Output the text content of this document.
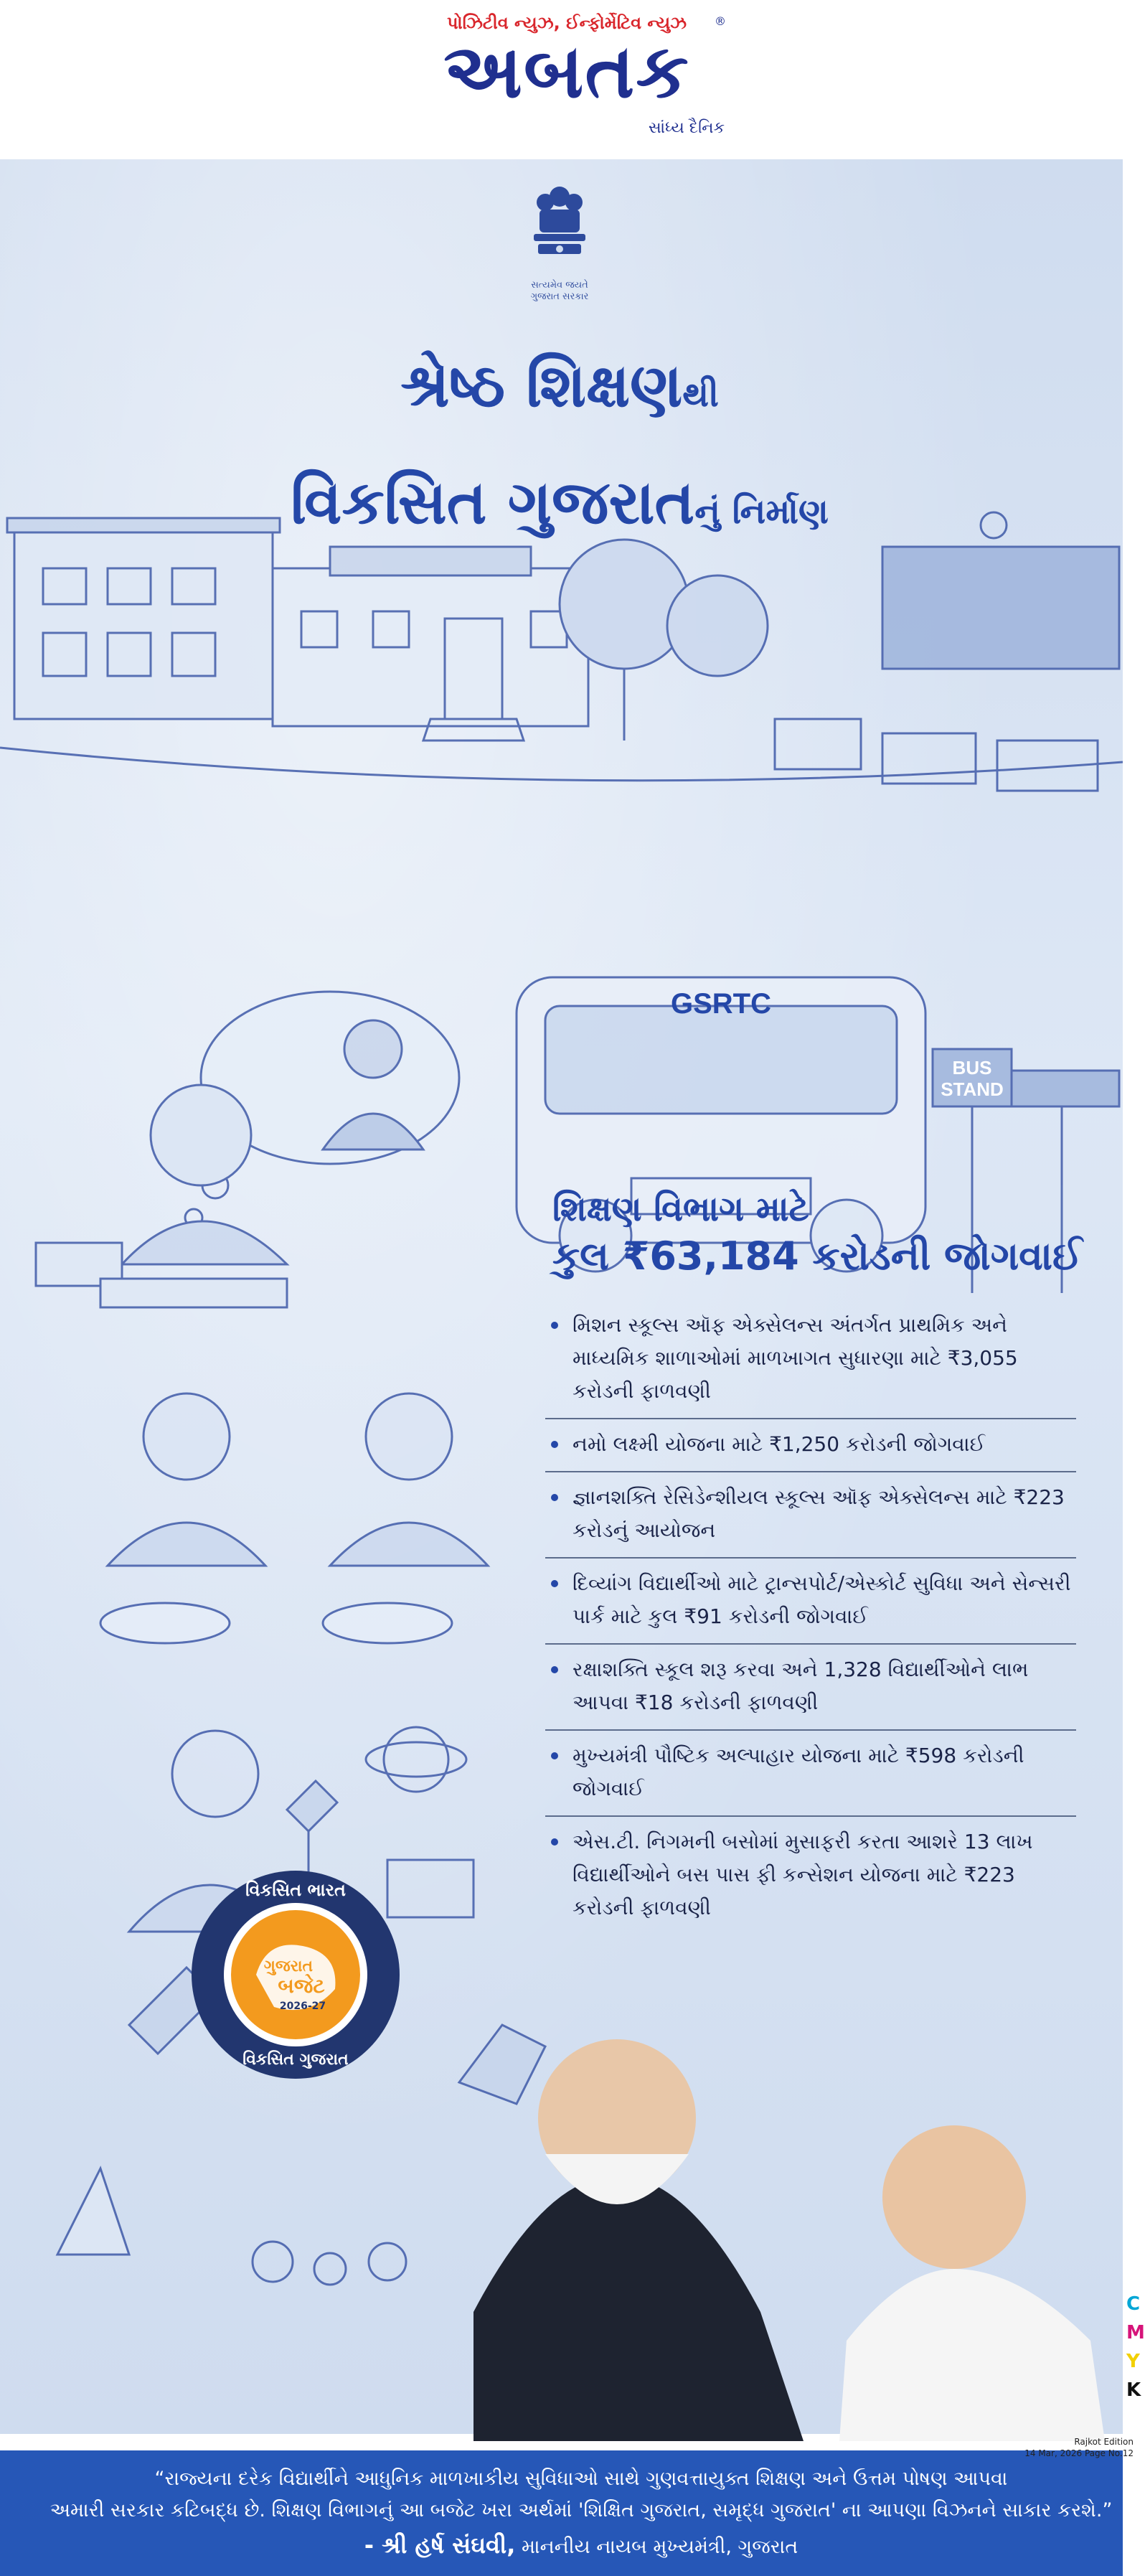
પોઝિટીવ ન્યુઝ, ઈન્ફોર્મેટિવ ન્યુઝ	®
અબતક
સાંધ્ય દૈનિક
સત્યમેવ જયતે
ગુજરાત સરકાર
શ્રેષ્ઠ શિક્ષણથી
વિકસિત ગુજરાતનું નિર્માણ
GSRTC
BUS
STAND
શિક્ષણ વિભાગ માટે
કુલ ₹63,184 કરોડની જોગવાઈ
મિશન સ્કૂલ્સ ઑફ એક્સેલન્સ અંતર્ગત પ્રાથમિક અને માધ્યમિક શાળાઓમાં માળખાગત સુધારણા માટે ₹3,055 કરોડની ફાળવણી
નમો લક્ષ્મી યોજના માટે ₹1,250 કરોડની જોગવાઈ
જ્ઞાનશક્તિ રેસિડેન્શીયલ સ્કૂલ્સ ઑફ એક્સેલન્સ માટે ₹223 કરોડનું આયોજન
દિવ્યાંગ વિદ્યાર્થીઓ માટે ટ્રાન્સપોર્ટ/એસ્કોર્ટ સુવિધા અને સેન્સરી પાર્ક માટે કુલ ₹91 કરોડની જોગવાઈ
રક્ષાશક્તિ સ્કૂલ શરૂ કરવા અને 1,328 વિદ્યાર્થીઓને લાભ આપવા ₹18 કરોડની ફાળવણી
મુખ્યમંત્રી પૌષ્ટિક અલ્પાહાર યોજના માટે ₹598 કરોડની જોગવાઈ
એસ.ટી. નિગમની બસોમાં મુસાફરી કરતા આશરે 13 લાખ વિદ્યાર્થીઓને બસ પાસ ફી કન્સેશન યોજના માટે ₹223 કરોડની ફાળવણી
વિકસિત ભારત
ગુજરાત
બજેટ
2026-27
વિકસિત ગુજરાત
“રાજ્યના દરેક વિદ્યાર્થીને આધુનિક માળખાકીય સુવિધાઓ સાથે ગુણવત્તાયુક્ત શિક્ષણ અને ઉત્તમ પોષણ આપવા
અમારી સરકાર કટિબદ્ધ છે. શિક્ષણ વિભાગનું આ બજેટ ખરા અર્થમાં 'શિક્ષિત ગુજરાત, સમૃદ્ધ ગુજરાત' ના આપણા વિઝનને સાકાર કરશે.”
- શ્રી હર્ષ સંઘવી, માનનીય નાયબ મુખ્યમંત્રી, ગુજરાત
C
M
Y
K
Rajkot Edition
14 Mar, 2026 Page No.12
